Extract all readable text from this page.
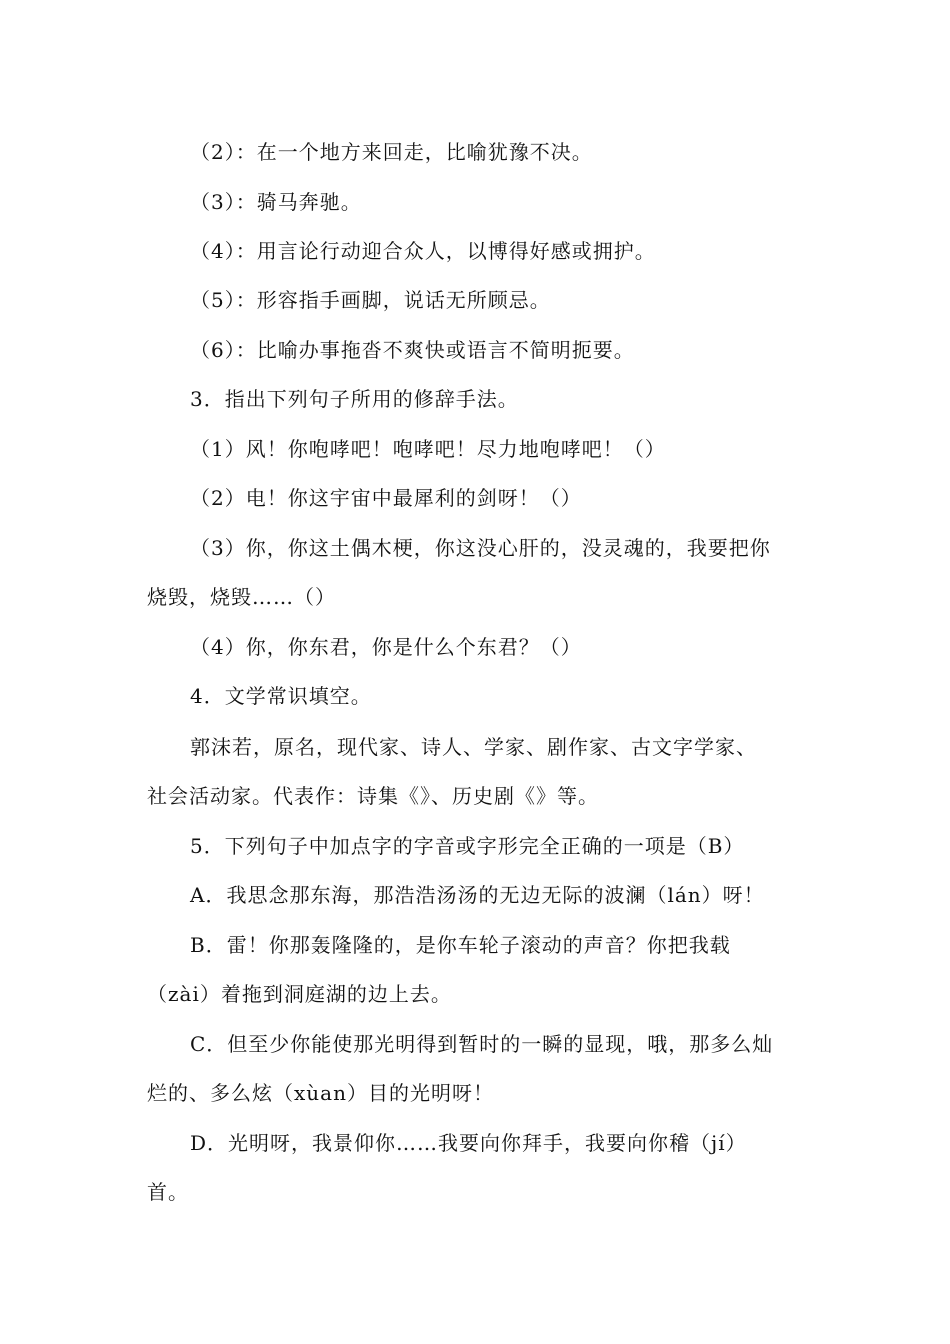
（2）：在一个地方来回走，比喻犹豫不决。
（3）：骑马奔驰。
（4）：用言论行动迎合众人，以博得好感或拥护。
（5）：形容指手画脚，说话无所顾忌。
（6）：比喻办事拖沓不爽快或语言不简明扼要。
3．指出下列句子所用的修辞手法。
（1）风！你咆哮吧！咆哮吧！尽力地咆哮吧！（）
（2）电！你这宇宙中最犀利的剑呀！（）
（3）你，你这土偶木梗，你这没心肝的，没灵魂的，我要把你
烧毁，烧毁……（）
（4）你，你东君，你是什么个东君？（）
4．文学常识填空。
郭沫若，原名，现代家、诗人、学家、剧作家、古文字学家、
社会活动家。代表作：诗集《》、历史剧《》等。
5．下列句子中加点字的字音或字形完全正确的一项是（B）
A．我思念那东海，那浩浩汤汤的无边无际的波澜（lán）呀！
B．雷！你那轰隆隆的，是你车轮子滚动的声音？你把我载
（zài）着拖到洞庭湖的边上去。
C．但至少你能使那光明得到暂时的一瞬的显现，哦，那多么灿
烂的、多么炫（xùan）目的光明呀！
D．光明呀，我景仰你……我要向你拜手，我要向你稽（jí）
首。
